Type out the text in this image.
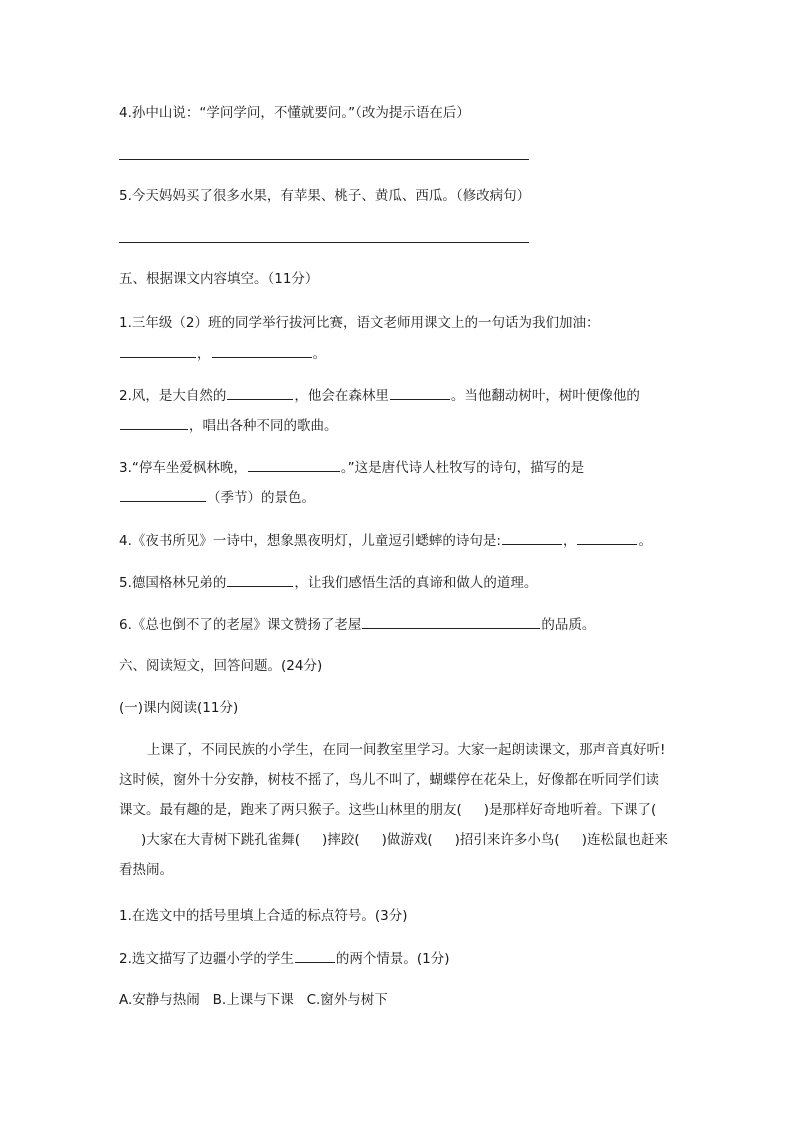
4.孙中山说：“学问学问，不懂就要问。”（改为提示语在后）
5.今天妈妈买了很多水果，有苹果、桃子、黄瓜、西瓜。（修改病句）
五、根据课文内容填空。（11分）
1.三年级（2）班的同学举行拔河比赛，语文老师用课文上的一句话为我们加油：
，	。
2.风，是大自然的	，他会在森林里	。当他翻动树叶，树叶便像他的
，唱出各种不同的歌曲。
3.“停车坐爱枫林晚，	。”这是唐代诗人杜牧写的诗句，描写的是
（季节）的景色。
4.《夜书所见》一诗中，想象黑夜明灯，儿童逗引蟋蟀的诗句是:	，	。
5.德国格林兄弟的	，让我们感悟生活的真谛和做人的道理。
6.《总也倒不了的老屋》课文赞扬了老屋	的品质。
六、阅读短文，回答问题。(24分)
(一)课内阅读(11分)
上课了，不同民族的小学生，在同一间教室里学习。大家一起朗读课文，那声音真好听!
这时候，窗外十分安静，树枝不摇了，鸟儿不叫了，蝴蝶停在花朵上，好像都在听同学们读
课文。最有趣的是，跑来了两只猴子。这些山林里的朋友( )是那样好奇地听着。下课了(
)大家在大青树下跳孔雀舞( )摔跤( )做游戏( )招引来许多小鸟( )连松鼠也赶来
看热闹。
1.在选文中的括号里填上合适的标点符号。(3分)
2.选文描写了边疆小学的学生	的两个情景。(1分)
A.安静与热闹   B.上课与下课   C.窗外与树下
